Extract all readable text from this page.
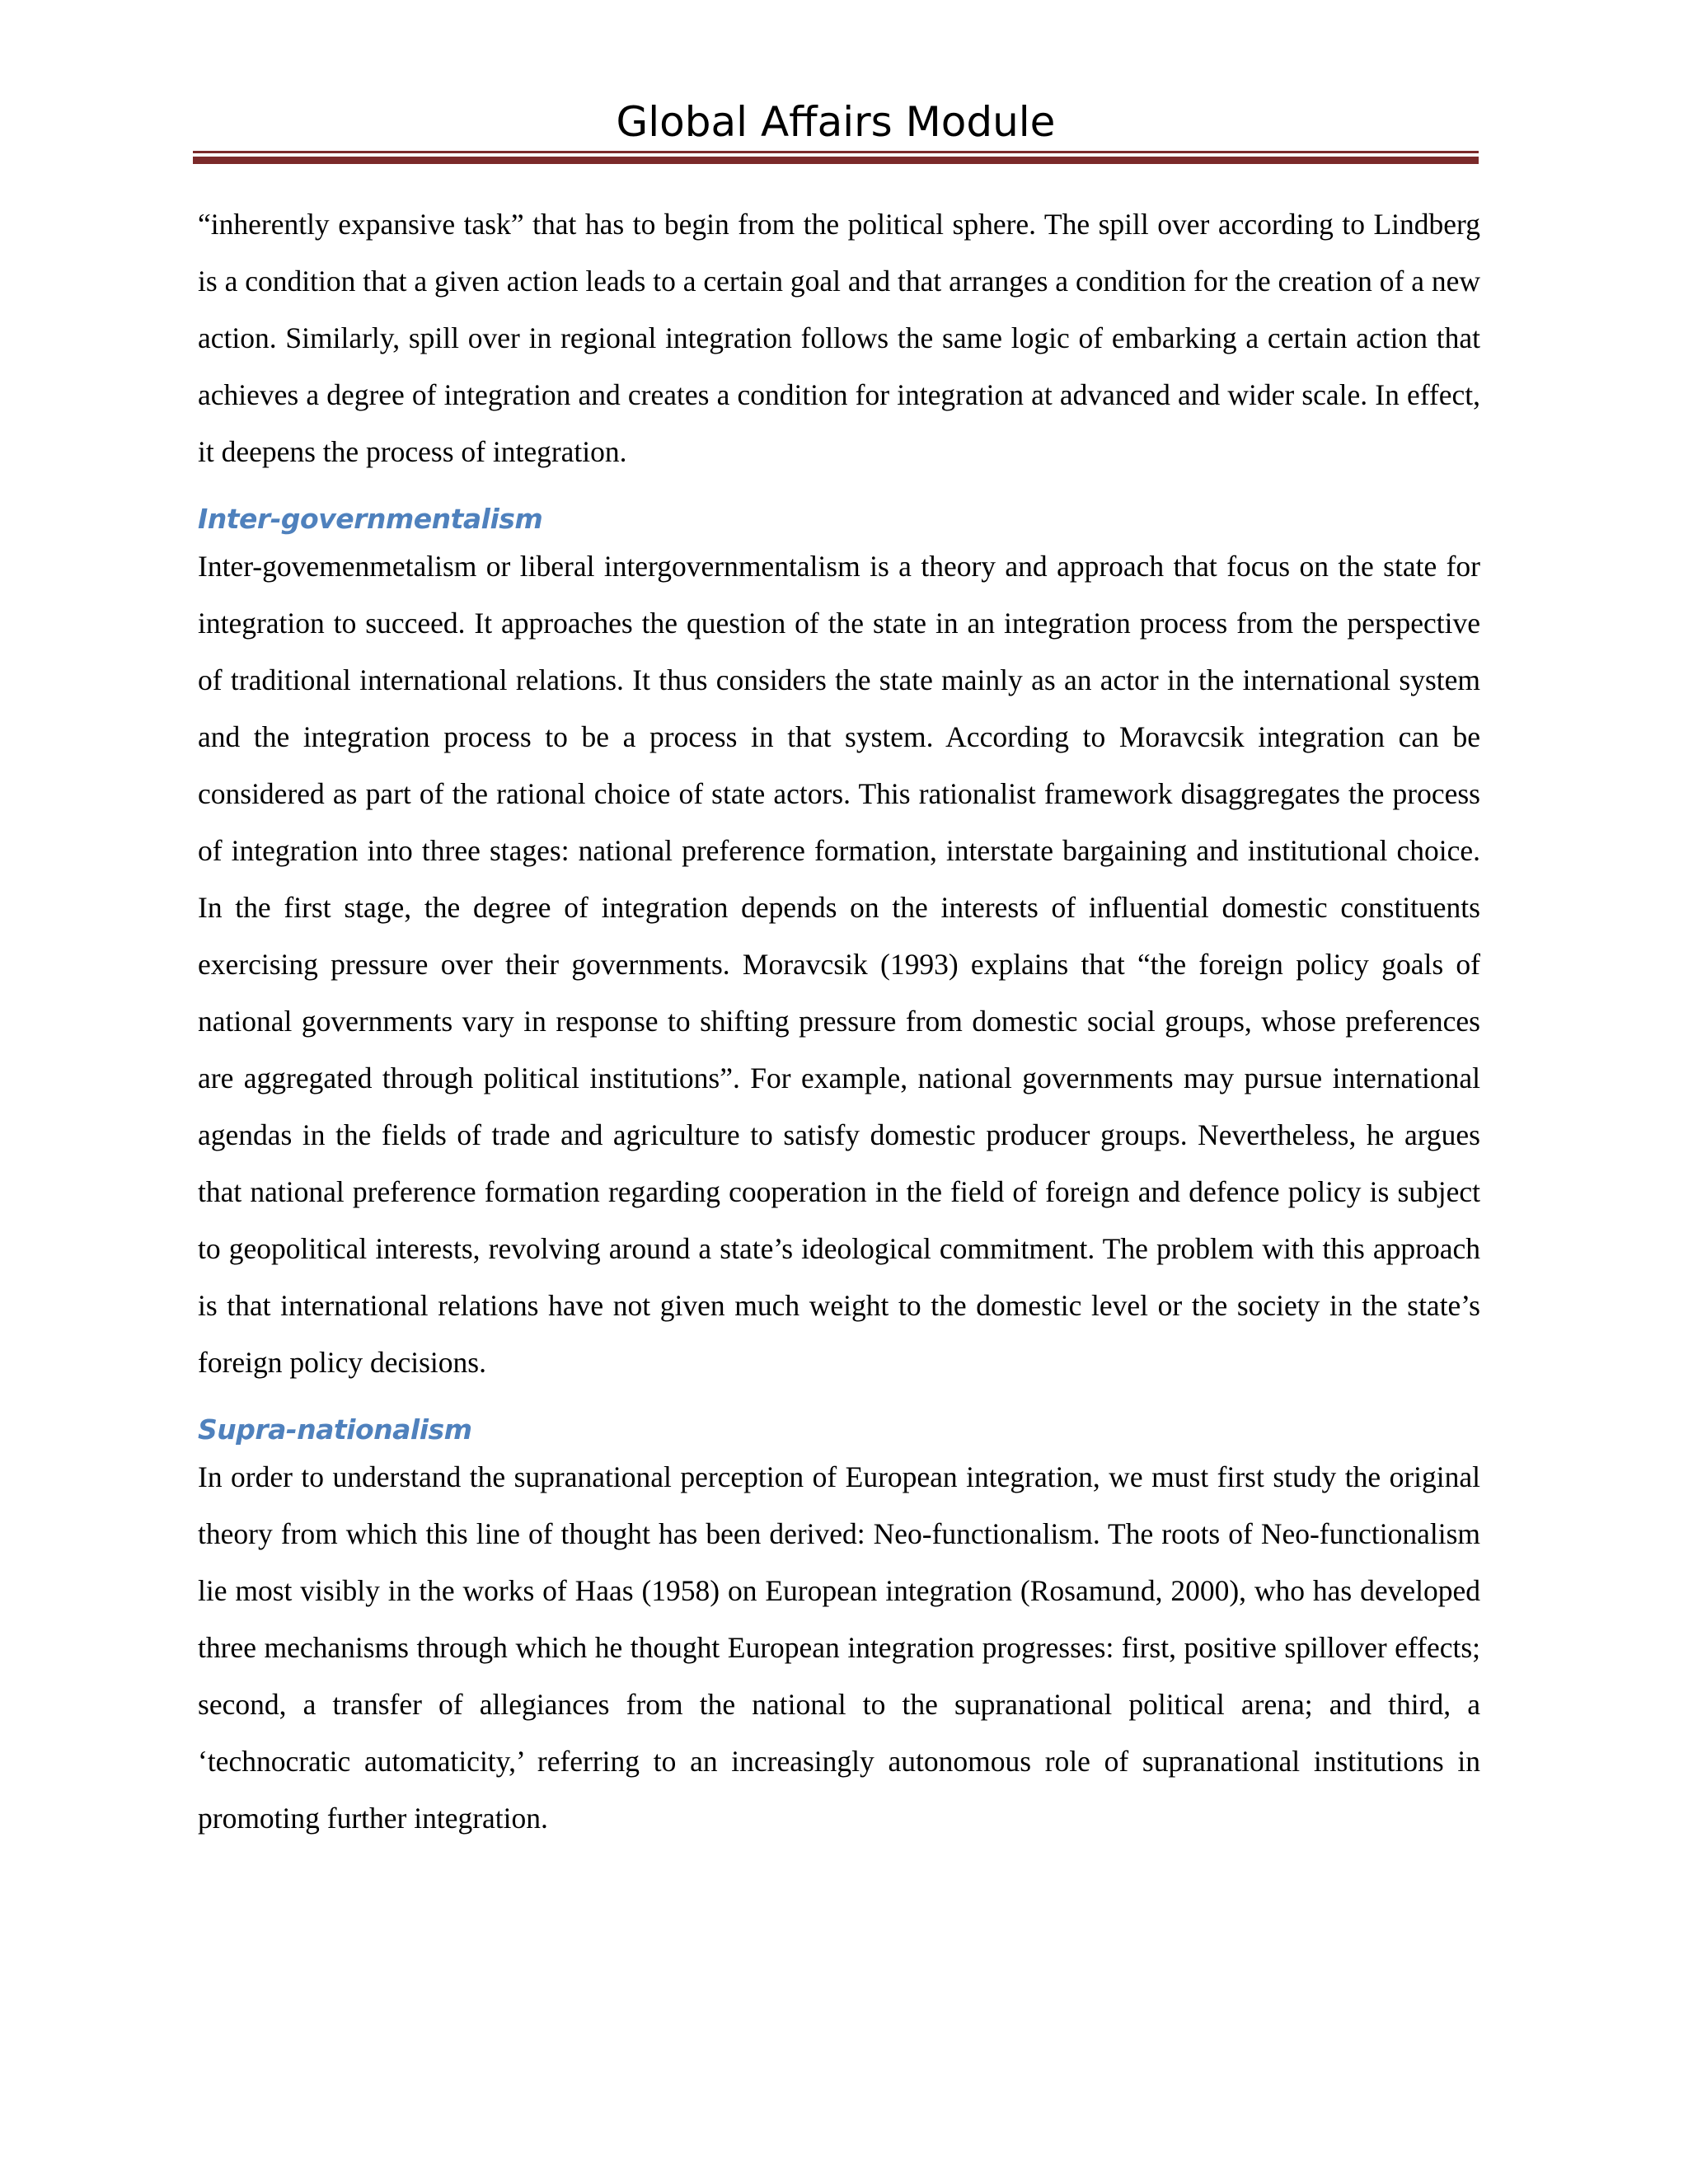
Global Affairs Module

“inherently expansive task” that has to begin from the political sphere. The spill over according to Lindberg is a condition that a given action leads to a certain goal and that arranges a condition for the creation of a new action. Similarly, spill over in regional integration follows the same logic of embarking a certain action that achieves a degree of integration and creates a condition for integration at advanced and wider scale. In effect, it deepens the process of integration.

Inter-governmentalism

Inter-govemenmetalism or liberal intergovernmentalism is a theory and approach that focus on the state for integration to succeed. It approaches the question of the state in an integration process from the perspective of traditional international relations. It thus considers the state mainly as an actor in the international system and the integration process to be a process in that system. According to Moravcsik integration can be considered as part of the rational choice of state actors. This rationalist framework disaggregates the process of integration into three stages: national preference formation, interstate bargaining and institutional choice. In the first stage, the degree of integration depends on the interests of influential domestic constituents exercising pressure over their governments. Moravcsik (1993) explains that “the foreign policy goals of national governments vary in response to shifting pressure from domestic social groups, whose preferences are aggregated through political institutions”. For example, national governments may pursue international agendas in the fields of trade and agriculture to satisfy domestic producer groups. Nevertheless, he argues that national preference formation regarding cooperation in the field of foreign and defence policy is subject to geopolitical interests, revolving around a state’s ideological commitment. The problem with this approach is that international relations have not given much weight to the domestic level or the society in the state’s foreign policy decisions.

Supra-nationalism

In order to understand the supranational perception of European integration, we must first study the original theory from which this line of thought has been derived: Neo-functionalism. The roots of Neo-functionalism lie most visibly in the works of Haas (1958) on European integration (Rosamund, 2000), who has developed three mechanisms through which he thought European integration progresses: first, positive spillover effects; second, a transfer of allegiances from the national to the supranational political arena; and third, a ‘technocratic automaticity,’ referring to an increasingly autonomous role of supranational institutions in promoting further integration.
